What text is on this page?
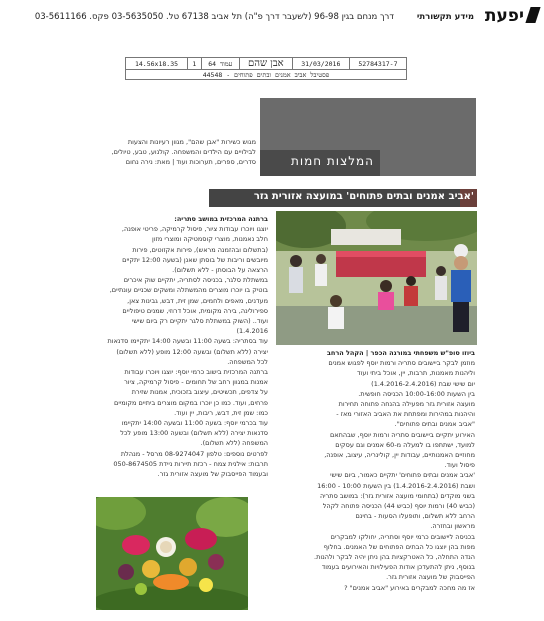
יפעת
מידע תקשורתי
דרך מנחם בגין 96-98 (לשעבר דרך פ"ה) תל אביב 67138 טל. 03-5635050 פקס. 03-5611166
52784317-7	31/03/2016	אבן שהם	עמוד 64	1	14.56x18.35
פסטיבל אביב אמנים ובתים פתוחים - 44548
המלצות חמות
מגוש כשירות "אבן שהם", מגוון רעיונות והצעות
לבילויים עם הילדים והמשפחה. קולנוע, טבע, טיולים,
סדרים, ספרים, תערוכות ועוד | מאת: נירה נחום
'אביב אמנים ובתים פתוחים' במועצה אזורית גזר

ביוזו סופ"ש משפחתי במורגה הכפר | הקהל הרחב

מוזמן לבקר ביישובים סתריה ורמות יוסף לפגוש אמנים

וליהנות מאמנות, תרבות, יין, אוכל ביתי ועוד

יום שישי שבת (1.4.2016-2.4.2016)

בין השעות 10:00-16:00 הכניסה חופשית.

מועצה אזורית גזר מפעילה בהנחה פתוחה תחירות

והיהנות במהירות ומפתחת את האביב האזורי מאז -

"אביב אמנים ובתים פתוחים".

האירוע יתקיים ביישובים סתריה ורמות יוסף, שבהתאם

למועד, ישתתפו בו למעלה מ-60 אמנים וגם עסקים

מחוזיים האמנותיים, עבודות יין, קולינריה, עיצוב, אופנה,

פיסול ועוד.

'אביב אמנים ובתים פתוחים' יתקיים כאמור, ביום שישי

ושבת (1.4.2016-2.4.2016) בין השעות 10:00 - 16:00

בשני מוקדים (בתחומי מועצה אזורית גזר): במושב סתריה

(כביש 40) ורמות יוסף (כביש 44) הכניסה פתוחה לקהל

הרחב ללא תשלום, ותופעלו הסעות - בחינם

מראשון ובחזרה.

בכניסה ליישובים כרמי יוסף וסתריה, יחולקו למבקרים

מפות בהן יוצגו כל הבתים הפתוחים של האמנים. בחלוף

הנדה התחלה, כל האטרקציות בהן ניתן יהיה לבקר ולהנות.

בנוסף, ניתן להתעדכן אודות הפעילויות והאירועים בעמוד

הפייסבוק של מועצה אזורית גזר.

אז מה מחכה למבקרים באירוע "אביב אמנים" ?

ברתנה המרכזית במושב סתריה:

יוצגו ויוכרו עבודות ציור, פיסול קרמיקה, פריטי אופנה,

חלב נאמנות, מוצרי קוסמטיקה ומוצרי מזון

(בתשלום ובהזמנה מראש), פירות אקזוטים, פירות

מיובשים וריבות של בוסתן שאנן (בשעה 12:00 יתקיים

הרצאה על הבוסתן - ללא תשלום).

במשתלת סלגר, בכניסה לסתריה, יתקיים שוק איכרים

בוטיק בו יוכרו מוצרים מהמשתלה ומשקים שכניים עונתיים,

מעדנים, מאפים ולחמים, שמן זית, דבש, גבינות צאן,

ספירולינה, בירה מקומית, אוכל דרוזי, שמנים טיפוליים

ועוד.. (השוק במשתלת סלגר יתקיים רק ביום שישי

1.4.2016)

עוד בסתריה: בשעה 11:00 ובשעה 14:00 יתקיימו סדנאות

יצירה (ללא תשלום) ובשעה 12:00 מופע (ללא תשלום)

לכל המשפחה.

ברתנה המרכזית בישוב כרמי יוסף: יוצגו ויוכרו עבודות

אמנות במגוון רחב של תחומים - פיסול קרמיקה, ציור

על צדפים, תכשיטים, עיצוב בזכוכית, אמנות שזירת

פרחים, ועוד. כמו כן יוכרו במקום מוצרים ביתיים מקומיים

כמו: שמן זית, דבש, ריבות, יין ועוד.

עוד בכרמי יוסף: בשעה 11:00 ובשעה 14:00 יתקיימו

סדנאות יצירה (ללא תשלום) ובשעה 13:00 מופע לכל

המשפחה (ללא תשלום).

לפרטים נוספים: טלפון 08-9274047 מרסל - מנהלת

תרבות: אילנית צמח - רכזת תיירות ניידת 050-8674505

ובעמוד הפייסבוק של מועצה אזורית גזר.
